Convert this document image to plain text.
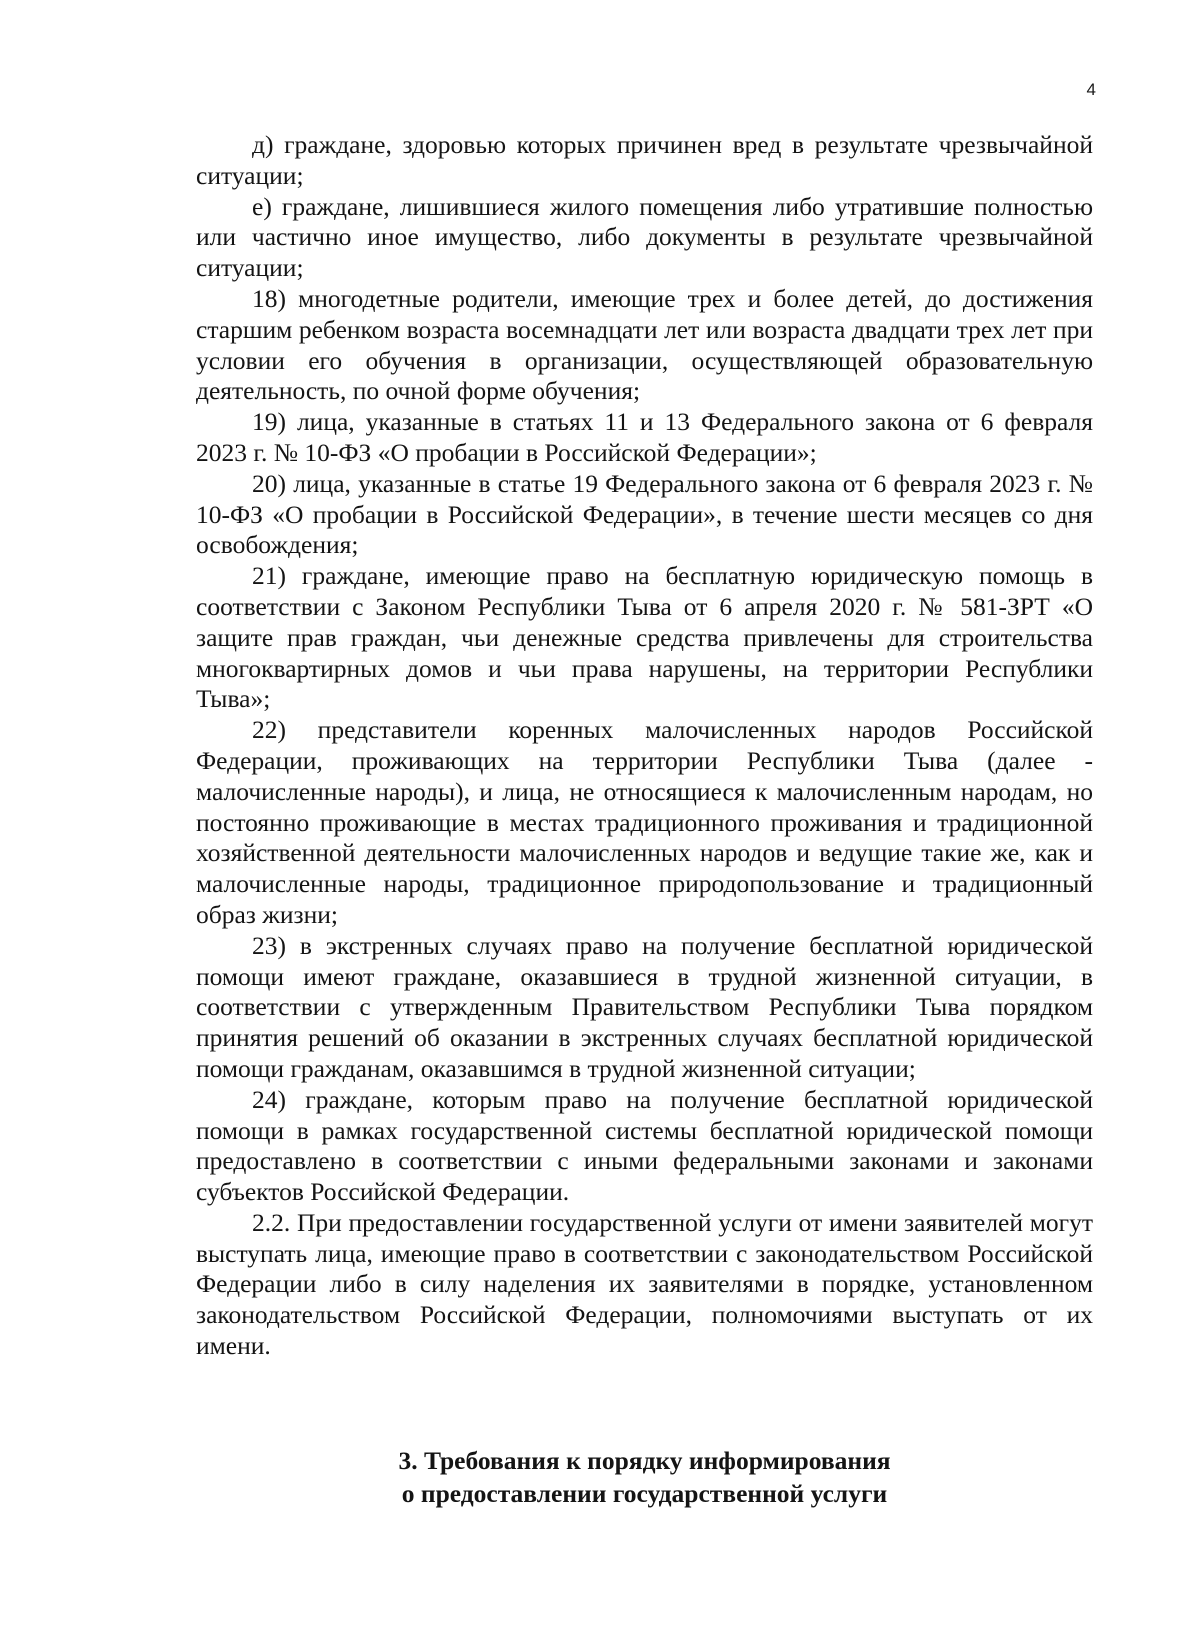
4

д) граждане, здоровью которых причинен вред в результате чрезвычайной ситуации;

е) граждане, лишившиеся жилого помещения либо утратившие полностью или частично иное имущество, либо документы в результате чрезвычайной ситуации;

18) многодетные родители, имеющие трех и более детей, до достижения старшим ребенком возраста восемнадцати лет или возраста двадцати трех лет при условии его обучения в организации, осуществляющей образовательную деятельность, по очной форме обучения;

19) лица, указанные в статьях 11 и 13 Федерального закона от 6 февраля 2023 г. № 10-ФЗ «О пробации в Российской Федерации»;

20) лица, указанные в статье 19 Федерального закона от 6 февраля 2023 г. № 10-ФЗ «О пробации в Российской Федерации», в течение шести месяцев со дня освобождения;

21) граждане, имеющие право на бесплатную юридическую помощь в соответствии с Законом Республики Тыва от 6 апреля 2020 г. № 581-ЗРТ «О защите прав граждан, чьи денежные средства привлечены для строительства многоквартирных домов и чьи права нарушены, на территории Республики Тыва»;

22) представители коренных малочисленных народов Российской Федерации, проживающих на территории Республики Тыва (далее - малочисленные народы), и лица, не относящиеся к малочисленным народам, но постоянно проживающие в местах традиционного проживания и традиционной хозяйственной деятельности малочисленных народов и ведущие такие же, как и малочисленные народы, традиционное природопользование и традиционный образ жизни;

23) в экстренных случаях право на получение бесплатной юридической помощи имеют граждане, оказавшиеся в трудной жизненной ситуации, в соответствии с утвержденным Правительством Республики Тыва порядком принятия решений об оказании в экстренных случаях бесплатной юридической помощи гражданам, оказавшимся в трудной жизненной ситуации;

24) граждане, которым право на получение бесплатной юридической помощи в рамках государственной системы бесплатной юридической помощи предоставлено в соответствии с иными федеральными законами и законами субъектов Российской Федерации.

2.2. При предоставлении государственной услуги от имени заявителей могут выступать лица, имеющие право в соответствии с законодательством Российской Федерации либо в силу наделения их заявителями в порядке, установленном законодательством Российской Федерации, полномочиями выступать от их имени.

3. Требования к порядку информирования
о предоставлении государственной услуги
